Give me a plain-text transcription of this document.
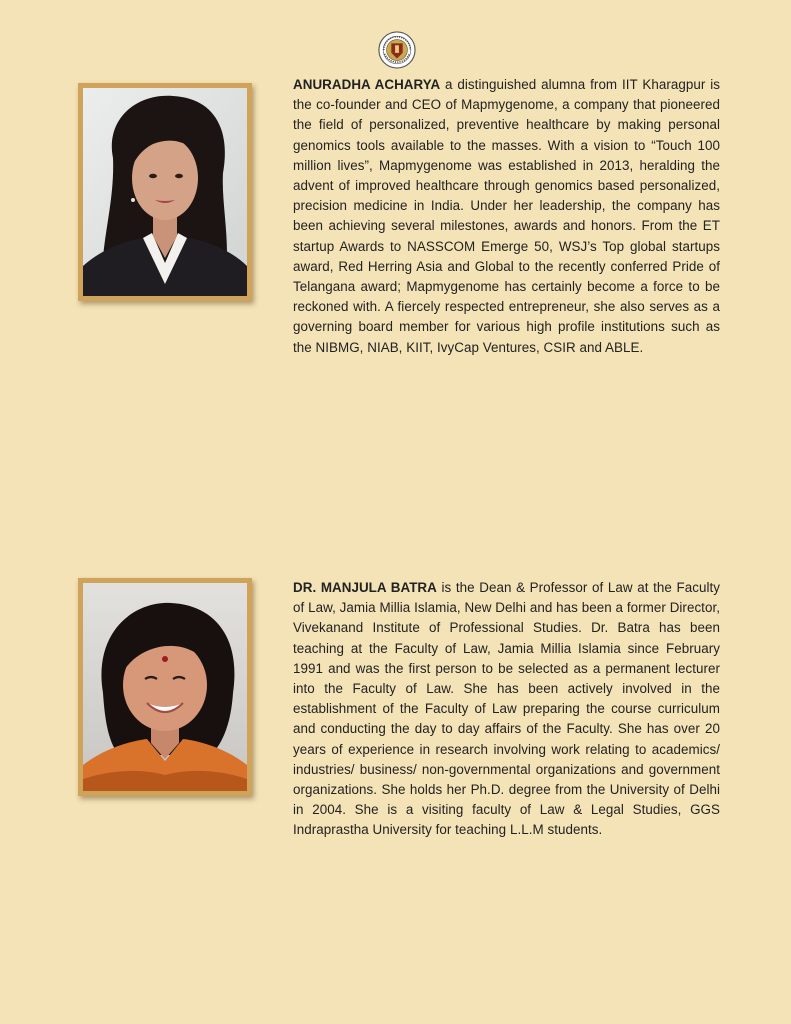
ANURADHA ACHARYA a distinguished alumna from IIT Kharagpur is the co-founder and CEO of Mapmygenome, a company that pioneered the field of personalized, preventive healthcare by making personal genomics tools available to the masses. With a vision to “Touch 100 million lives”, Mapmygenome was established in 2013, heralding the advent of improved healthcare through genomics based personalized, precision medicine in India. Under her leadership, the company has been achieving several milestones, awards and honors. From the ET startup Awards to NASSCOM Emerge 50, WSJ’s Top global startups award, Red Herring Asia and Global to the recently conferred Pride of Telangana award; Mapmygenome has certainly become a force to be reckoned with. A fiercely respected entrepreneur, she also serves as a governing board member for various high profile institutions such as the NIBMG, NIAB, KIIT, IvyCap Ventures, CSIR and ABLE.

DR. MANJULA BATRA is the Dean & Professor of Law at the Faculty of Law, Jamia Millia Islamia, New Delhi and has been a former Director, Vivekanand Institute of Professional Studies. Dr. Batra has been teaching at the Faculty of Law, Jamia Millia Islamia since February 1991 and was the first person to be selected as a permanent lecturer into the Faculty of Law. She has been actively involved in the establishment of the Faculty of Law preparing the course curriculum and conducting the day to day affairs of the Faculty. She has over 20 years of experience in research involving work relating to academics/ industries/ business/ non-governmental organizations and government organizations. She holds her Ph.D. degree from the University of Delhi in 2004. She is a visiting faculty of Law & Legal Studies, GGS Indraprastha University for teaching L.L.M students.
